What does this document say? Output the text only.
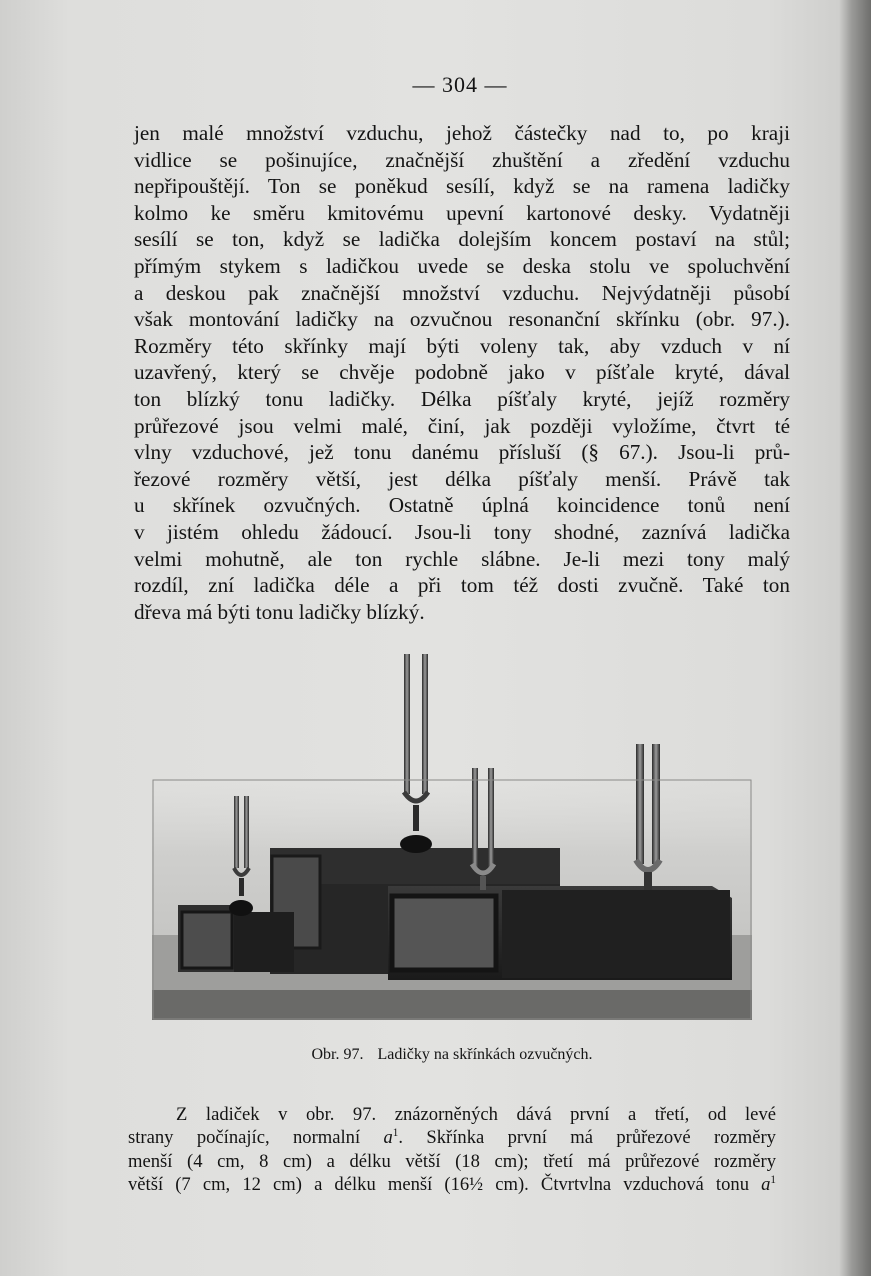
— 304 —
jen malé množství vzduchu, jehož částečky nad to, po kraji
vidlice se pošinujíce, značnější zhuštění a zředění vzduchu
nepřipouštějí. Ton se poněkud sesílí, když se na ramena ladičky
kolmo ke směru kmitovému upevní kartonové desky. Vydatněji
sesílí se ton, když se ladička dolejším koncem postaví na stůl;
přímým stykem s ladičkou uvede se deska stolu ve spoluchvění
a deskou pak značnější množství vzduchu. Nejvýdatněji působí
však montování ladičky na ozvučnou resonanční skřínku (obr. 97.).
Rozměry této skřínky mají býti voleny tak, aby vzduch v ní
uzavřený, který se chvěje podobně jako v píšťale kryté, dával
ton blízký tonu ladičky. Délka píšťaly kryté, jejíž rozměry
průřezové jsou velmi malé, činí, jak později vyložíme, čtvrt té
vlny vzduchové, jež tonu danému přísluší (§ 67.). Jsou-li prů-
řezové rozměry větší, jest délka píšťaly menší. Právě tak
u skřínek ozvučných. Ostatně úplná koincidence tonů není
v jistém ohledu žádoucí. Jsou-li tony shodné, zaznívá ladička
velmi mohutně, ale ton rychle slábne. Je-li mezi tony malý
rozdíl, zní ladička déle a při tom též dosti zvučně. Také ton
dřeva má býti tonu ladičky blízký.
Obr. 97. Ladičky na skřínkách ozvučných.
Z ladiček v obr. 97. znázorněných dává první a třetí, od levé
strany počínajíc, normalní $a^1$. Skřínka první má průřezové rozměry
menší (4 cm, 8 cm) a délku větší (18 cm); třetí má průřezové rozměry
větší (7 cm, 12 cm) a délku menší (16½ cm). Čtvrtvlna vzduchová tonu $a^1$
